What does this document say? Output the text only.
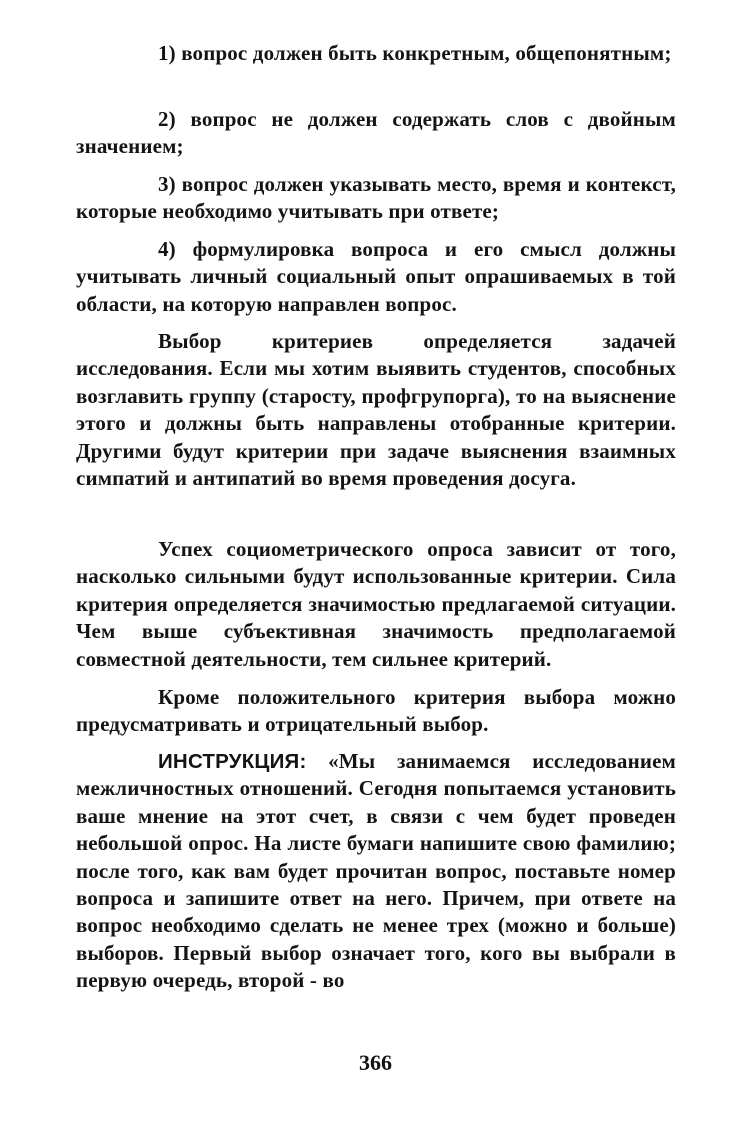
1) вопрос должен быть конкретным, общепонятным;

2) вопрос не должен содержать слов с двойным значением;

3) вопрос должен указывать место, время и контекст, которые необходимо учитывать при ответе;

4) формулировка вопроса и его смысл должны учитывать личный социальный опыт опрашиваемых в той области, на которую направлен вопрос.

Выбор критериев определяется задачей исследования. Если мы хотим выявить студентов, способных возглавить группу (старосту, профгрупорга), то на выяснение этого и должны быть направлены отобранные критерии. Другими будут критерии при задаче выяснения взаимных симпатий и антипатий во время проведения досуга.

Успех социометрического опроса зависит от того, насколько сильными будут использованные критерии. Сила критерия определяется значимостью предлагаемой ситуации. Чем выше субъективная значимость предполагаемой совместной деятельности, тем сильнее критерий.

Кроме положительного критерия выбора можно предусматривать и отрицательный выбор.

ИНСТРУКЦИЯ: «Мы занимаемся исследованием межличностных отношений. Сегодня попытаемся установить ваше мнение на этот счет, в связи с чем будет проведен небольшой опрос. На листе бумаги напишите свою фамилию; после того, как вам будет прочитан вопрос, поставьте номер вопроса и запишите ответ на него. Причем, при ответе на вопрос необходимо сделать не менее трех (можно и больше) выборов. Первый выбор означает того, кого вы выбрали в первую очередь, второй - во

366
